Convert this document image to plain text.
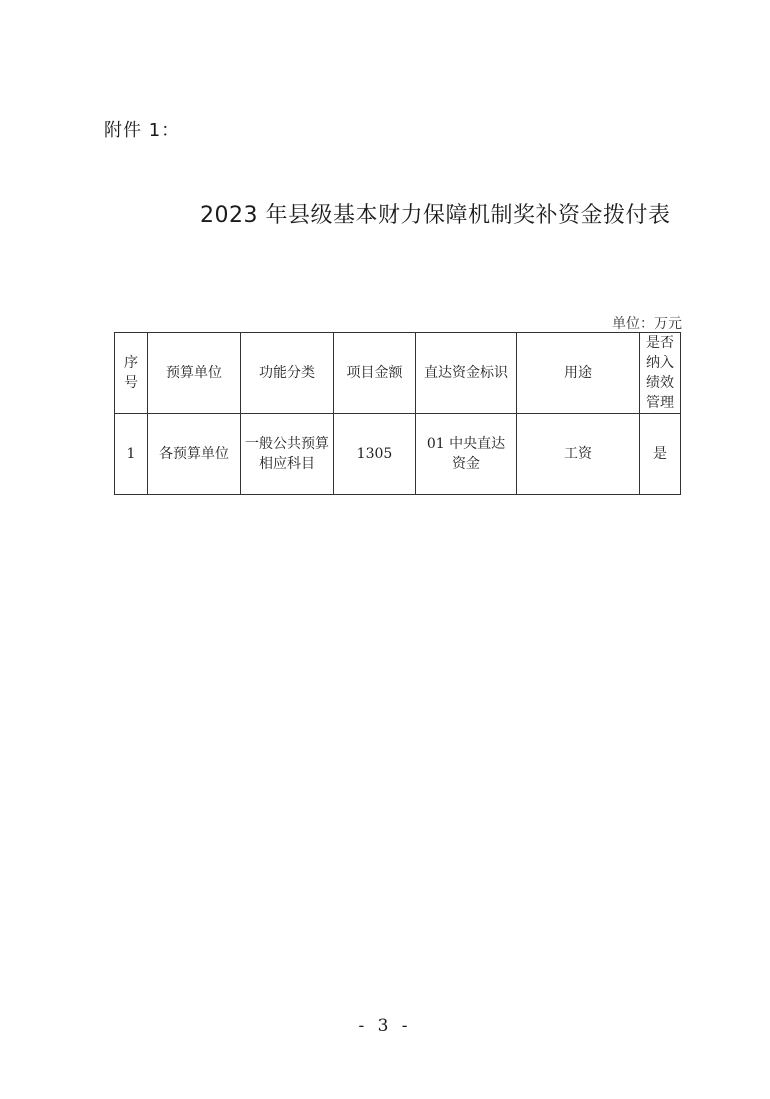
附件 1：
2023 年县级基本财力保障机制奖补资金拨付表
单位：万元
序号	预算单位	功能分类	项目金额	直达资金标识	用途	是否纳入绩效管理
1	各预算单位	一般公共预算相应科目	1305	01 中央直达资金	工资	是
- 3 -
